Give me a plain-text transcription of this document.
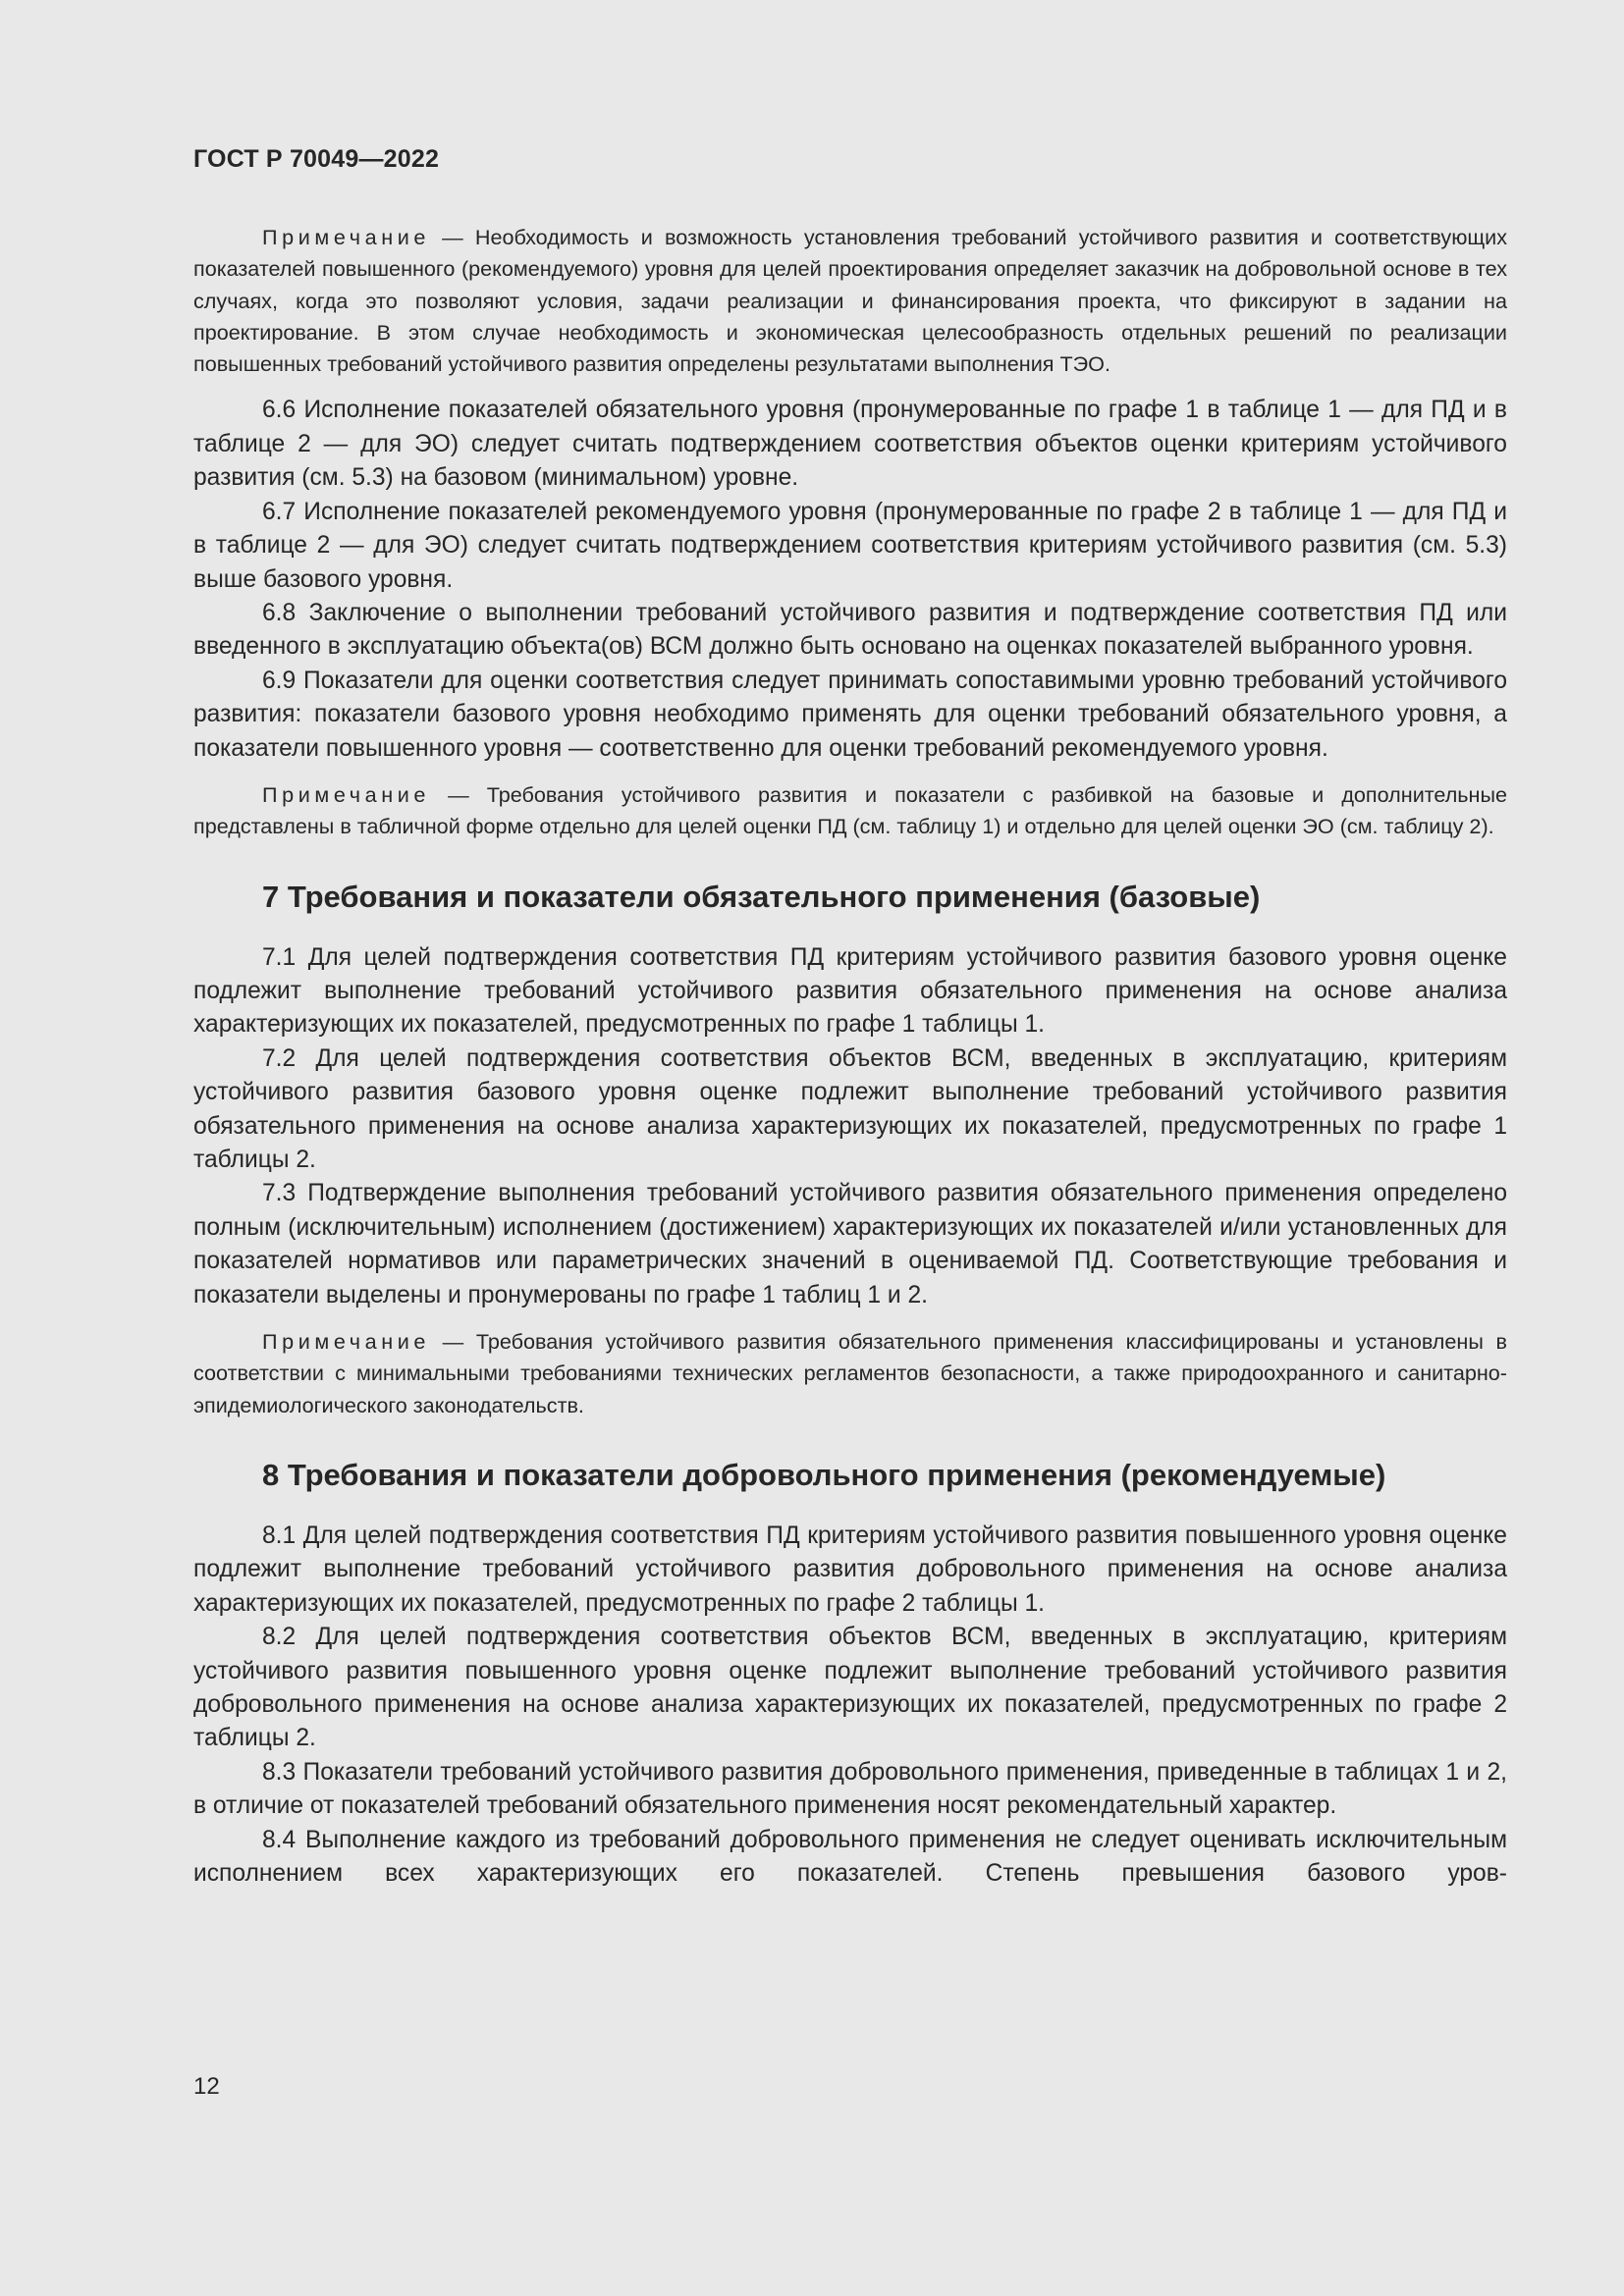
ГОСТ Р 70049—2022

Примечание — Необходимость и возможность установления требований устойчивого развития и соответствующих показателей повышенного (рекомендуемого) уровня для целей проектирования определяет заказчик на добровольной основе в тех случаях, когда это позволяют условия, задачи реализации и финансирования проекта, что фиксируют в задании на проектирование. В этом случае необходимость и экономическая целесообразность отдельных решений по реализации повышенных требований устойчивого развития определены результатами выполнения ТЭО.

6.6 Исполнение показателей обязательного уровня (пронумерованные по графе 1 в таблице 1 — для ПД и в таблице 2 — для ЭО) следует считать подтверждением соответствия объектов оценки критериям устойчивого развития (см. 5.3) на базовом (минимальном) уровне.

6.7 Исполнение показателей рекомендуемого уровня (пронумерованные по графе 2 в таблице 1 — для ПД и в таблице 2 — для ЭО) следует считать подтверждением соответствия критериям устойчивого развития (см. 5.3) выше базового уровня.

6.8 Заключение о выполнении требований устойчивого развития и подтверждение соответствия ПД или введенного в эксплуатацию объекта(ов) ВСМ должно быть основано на оценках показателей выбранного уровня.

6.9 Показатели для оценки соответствия следует принимать сопоставимыми уровню требований устойчивого развития: показатели базового уровня необходимо применять для оценки требований обязательного уровня, а показатели повышенного уровня — соответственно для оценки требований рекомендуемого уровня.

Примечание — Требования устойчивого развития и показатели с разбивкой на базовые и дополнительные представлены в табличной форме отдельно для целей оценки ПД (см. таблицу 1) и отдельно для целей оценки ЭО (см. таблицу 2).

7 Требования и показатели обязательного применения (базовые)

7.1 Для целей подтверждения соответствия ПД критериям устойчивого развития базового уровня оценке подлежит выполнение требований устойчивого развития обязательного применения на основе анализа характеризующих их показателей, предусмотренных по графе 1 таблицы 1.

7.2 Для целей подтверждения соответствия объектов ВСМ, введенных в эксплуатацию, критериям устойчивого развития базового уровня оценке подлежит выполнение требований устойчивого развития обязательного применения на основе анализа характеризующих их показателей, предусмотренных по графе 1 таблицы 2.

7.3 Подтверждение выполнения требований устойчивого развития обязательного применения определено полным (исключительным) исполнением (достижением) характеризующих их показателей и/или установленных для показателей нормативов или параметрических значений в оцениваемой ПД. Соответствующие требования и показатели выделены и пронумерованы по графе 1 таблиц 1 и 2.

Примечание — Требования устойчивого развития обязательного применения классифицированы и установлены в соответствии с минимальными требованиями технических регламентов безопасности, а также природоохранного и санитарно-эпидемиологического законодательств.

8 Требования и показатели добровольного применения (рекомендуемые)

8.1 Для целей подтверждения соответствия ПД критериям устойчивого развития повышенного уровня оценке подлежит выполнение требований устойчивого развития добровольного применения на основе анализа характеризующих их показателей, предусмотренных по графе 2 таблицы 1.

8.2 Для целей подтверждения соответствия объектов ВСМ, введенных в эксплуатацию, критериям устойчивого развития повышенного уровня оценке подлежит выполнение требований устойчивого развития добровольного применения на основе анализа характеризующих их показателей, предусмотренных по графе 2 таблицы 2.

8.3 Показатели требований устойчивого развития добровольного применения, приведенные в таблицах 1 и 2, в отличие от показателей требований обязательного применения носят рекомендательный характер.

8.4 Выполнение каждого из требований добровольного применения не следует оценивать исключительным исполнением всех характеризующих его показателей. Степень превышения базового уров-

12
